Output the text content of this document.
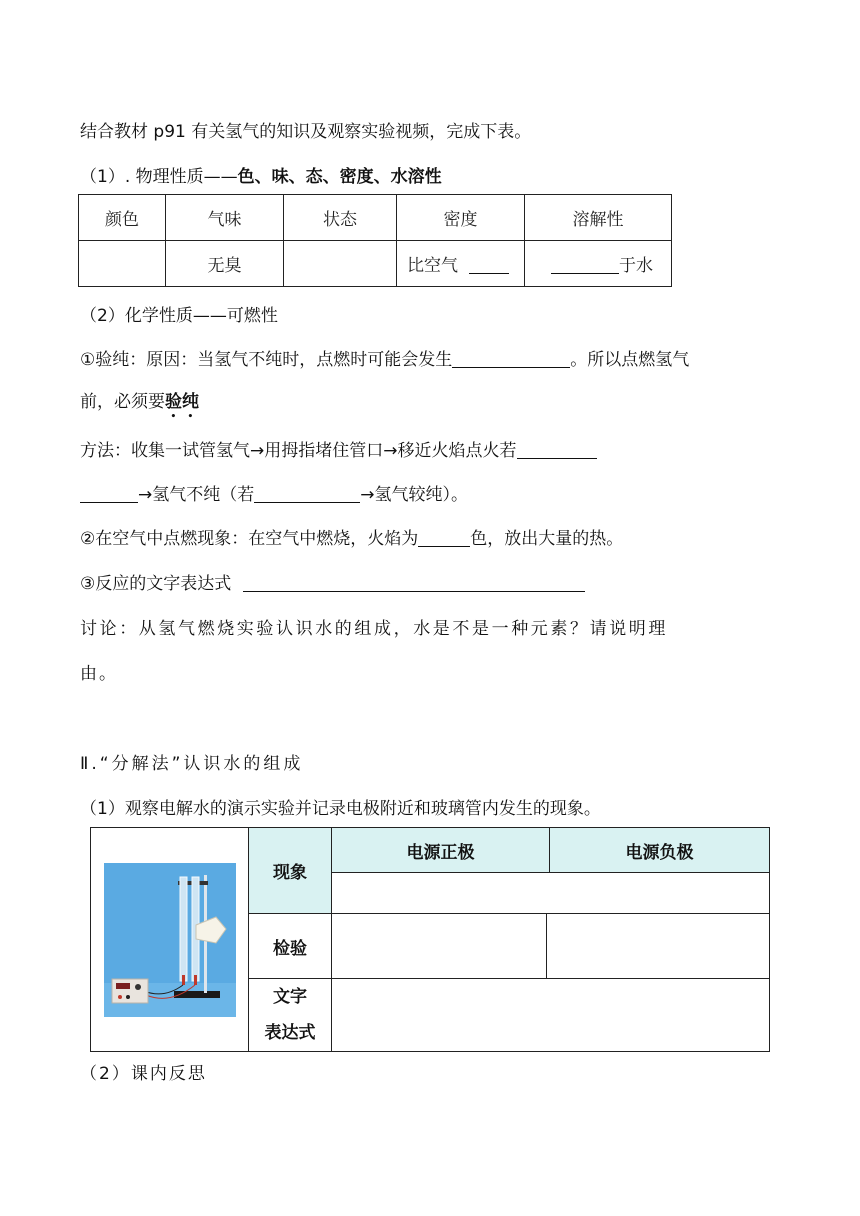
结合教材 p91 有关氢气的知识及观察实验视频，完成下表。
（1）. 物理性质——色、味、态、密度、水溶性
颜色	气味	状态	密度	溶解性
	无臭		比空气	于水
（2）化学性质——可燃性
①验纯：原因：当氢气不纯时，点燃时可能会发生	。所以点燃氢气
前，必须要验纯
方法：收集一试管氢气→用拇指堵住管口→移近火焰点火若
→氢气不纯（若	→氢气较纯）。
②在空气中点燃现象：在空气中燃烧，火焰为	色，放出大量的热。
③反应的文字表达式
讨论：从氢气燃烧实验认识水的组成，水是不是一种元素？请说明理
由。
Ⅱ.“分解法”认识水的组成
（1）观察电解水的演示实验并记录电极附近和玻璃管内发生的现象。
	现象	电源正极		电源负极

	检验			

	文字
表达式			

（2）课内反思
